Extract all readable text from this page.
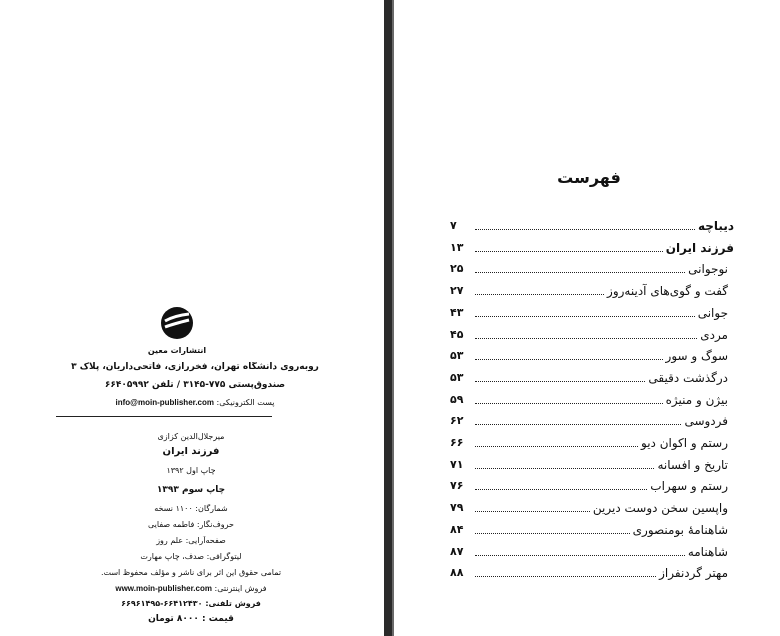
انتشارات معین
روبه‌روی دانشگاه تهران، فخررازی، فاتحی‌داریان، پلاک ۳
صندوق‌پستی ۷۷۵-۳۱۴۵ / تلفن ۶۶۴۰۵۹۹۲
پست الکترونیکی: info@moin-publisher.com
میرجلال‌الدین کزازی
فرزند ایران
چاپ اول ۱۳۹۲
چاپ سوم ۱۳۹۳
شمارگان: ۱۱۰۰ نسخه
حروف‌نگار: فاطمه صفایی
صفحه‌آرایی: علم روز
لیتوگرافی: صدف، چاپ مهارت
تمامی حقوق این اثر برای ناشر و مؤلف محفوظ است.
فروش اینترنتی: www.moin-publisher.com
فروش تلفنی: ۶۶۴۱۲۴۳۰-۶۶۹۶۱۴۹۵
قیمت : ۸۰۰۰ تومان
فهرست
دیباچه
۷
فرزند ایران
۱۳
نوجوانی
۲۵
گفت و گوی‌های آدینه‌روز
۲۷
جوانی
۴۳
مردی
۴۵
سوگ و سور
۵۳
درگذشت دقیقی
۵۳
بیژن و منیژه
۵۹
فردوسی
۶۲
رستم و اکوان دیو
۶۶
تاریخ و افسانه
۷۱
رستم و سهراب
۷۶
واپسین سخن دوست دیرین
۷۹
شاهنامهٔ بومنصوری
۸۴
شاهنامه
۸۷
مهتر گردنفراز
۸۸
